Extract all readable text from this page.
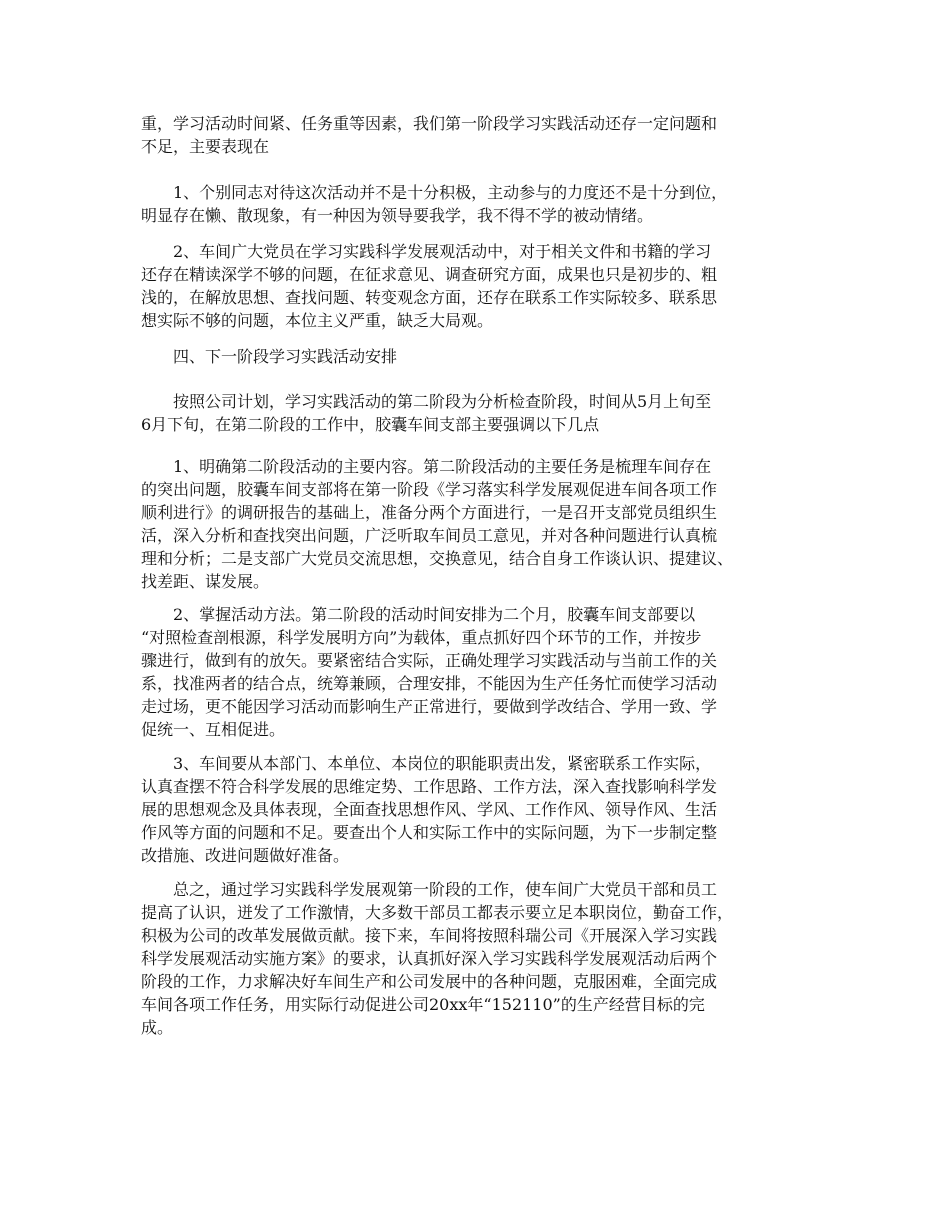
重，学习活动时间紧、任务重等因素，我们第一阶段学习实践活动还存一定问题和
不足，主要表现在

　　1、个别同志对待这次活动并不是十分积极，主动参与的力度还不是十分到位，
明显存在懒、散现象，有一种因为领导要我学，我不得不学的被动情绪。

　　2、车间广大党员在学习实践科学发展观活动中，对于相关文件和书籍的学习
还存在精读深学不够的问题，在征求意见、调查研究方面，成果也只是初步的、粗
浅的，在解放思想、查找问题、转变观念方面，还存在联系工作实际较多、联系思
想实际不够的问题，本位主义严重，缺乏大局观。

　　四、下一阶段学习实践活动安排

　　按照公司计划，学习实践活动的第二阶段为分析检查阶段，时间从5月上旬至
6月下旬，在第二阶段的工作中，胶囊车间支部主要强调以下几点

　　1、明确第二阶段活动的主要内容。第二阶段活动的主要任务是梳理车间存在
的突出问题，胶囊车间支部将在第一阶段《学习落实科学发展观促进车间各项工作
顺利进行》的调研报告的基础上，准备分两个方面进行，一是召开支部党员组织生
活，深入分析和查找突出问题，广泛听取车间员工意见，并对各种问题进行认真梳
理和分析；二是支部广大党员交流思想，交换意见，结合自身工作谈认识、提建议、
找差距、谋发展。

　　2、掌握活动方法。第二阶段的活动时间安排为二个月，胶囊车间支部要以
“对照检查剖根源，科学发展明方向”为载体，重点抓好四个环节的工作，并按步
骤进行，做到有的放矢。要紧密结合实际，正确处理学习实践活动与当前工作的关
系，找准两者的结合点，统筹兼顾，合理安排，不能因为生产任务忙而使学习活动
走过场，更不能因学习活动而影响生产正常进行，要做到学改结合、学用一致、学
促统一、互相促进。

　　3、车间要从本部门、本单位、本岗位的职能职责出发，紧密联系工作实际，
认真查摆不符合科学发展的思维定势、工作思路、工作方法，深入查找影响科学发
展的思想观念及具体表现，全面查找思想作风、学风、工作作风、领导作风、生活
作风等方面的问题和不足。要查出个人和实际工作中的实际问题，为下一步制定整
改措施、改进问题做好准备。

　　总之，通过学习实践科学发展观第一阶段的工作，使车间广大党员干部和员工
提高了认识，迸发了工作激情，大多数干部员工都表示要立足本职岗位，勤奋工作，
积极为公司的改革发展做贡献。接下来，车间将按照科瑞公司《开展深入学习实践
科学发展观活动实施方案》的要求，认真抓好深入学习实践科学发展观活动后两个
阶段的工作，力求解决好车间生产和公司发展中的各种问题，克服困难，全面完成
车间各项工作任务，用实际行动促进公司20xx年“152110”的生产经营目标的完
成。
